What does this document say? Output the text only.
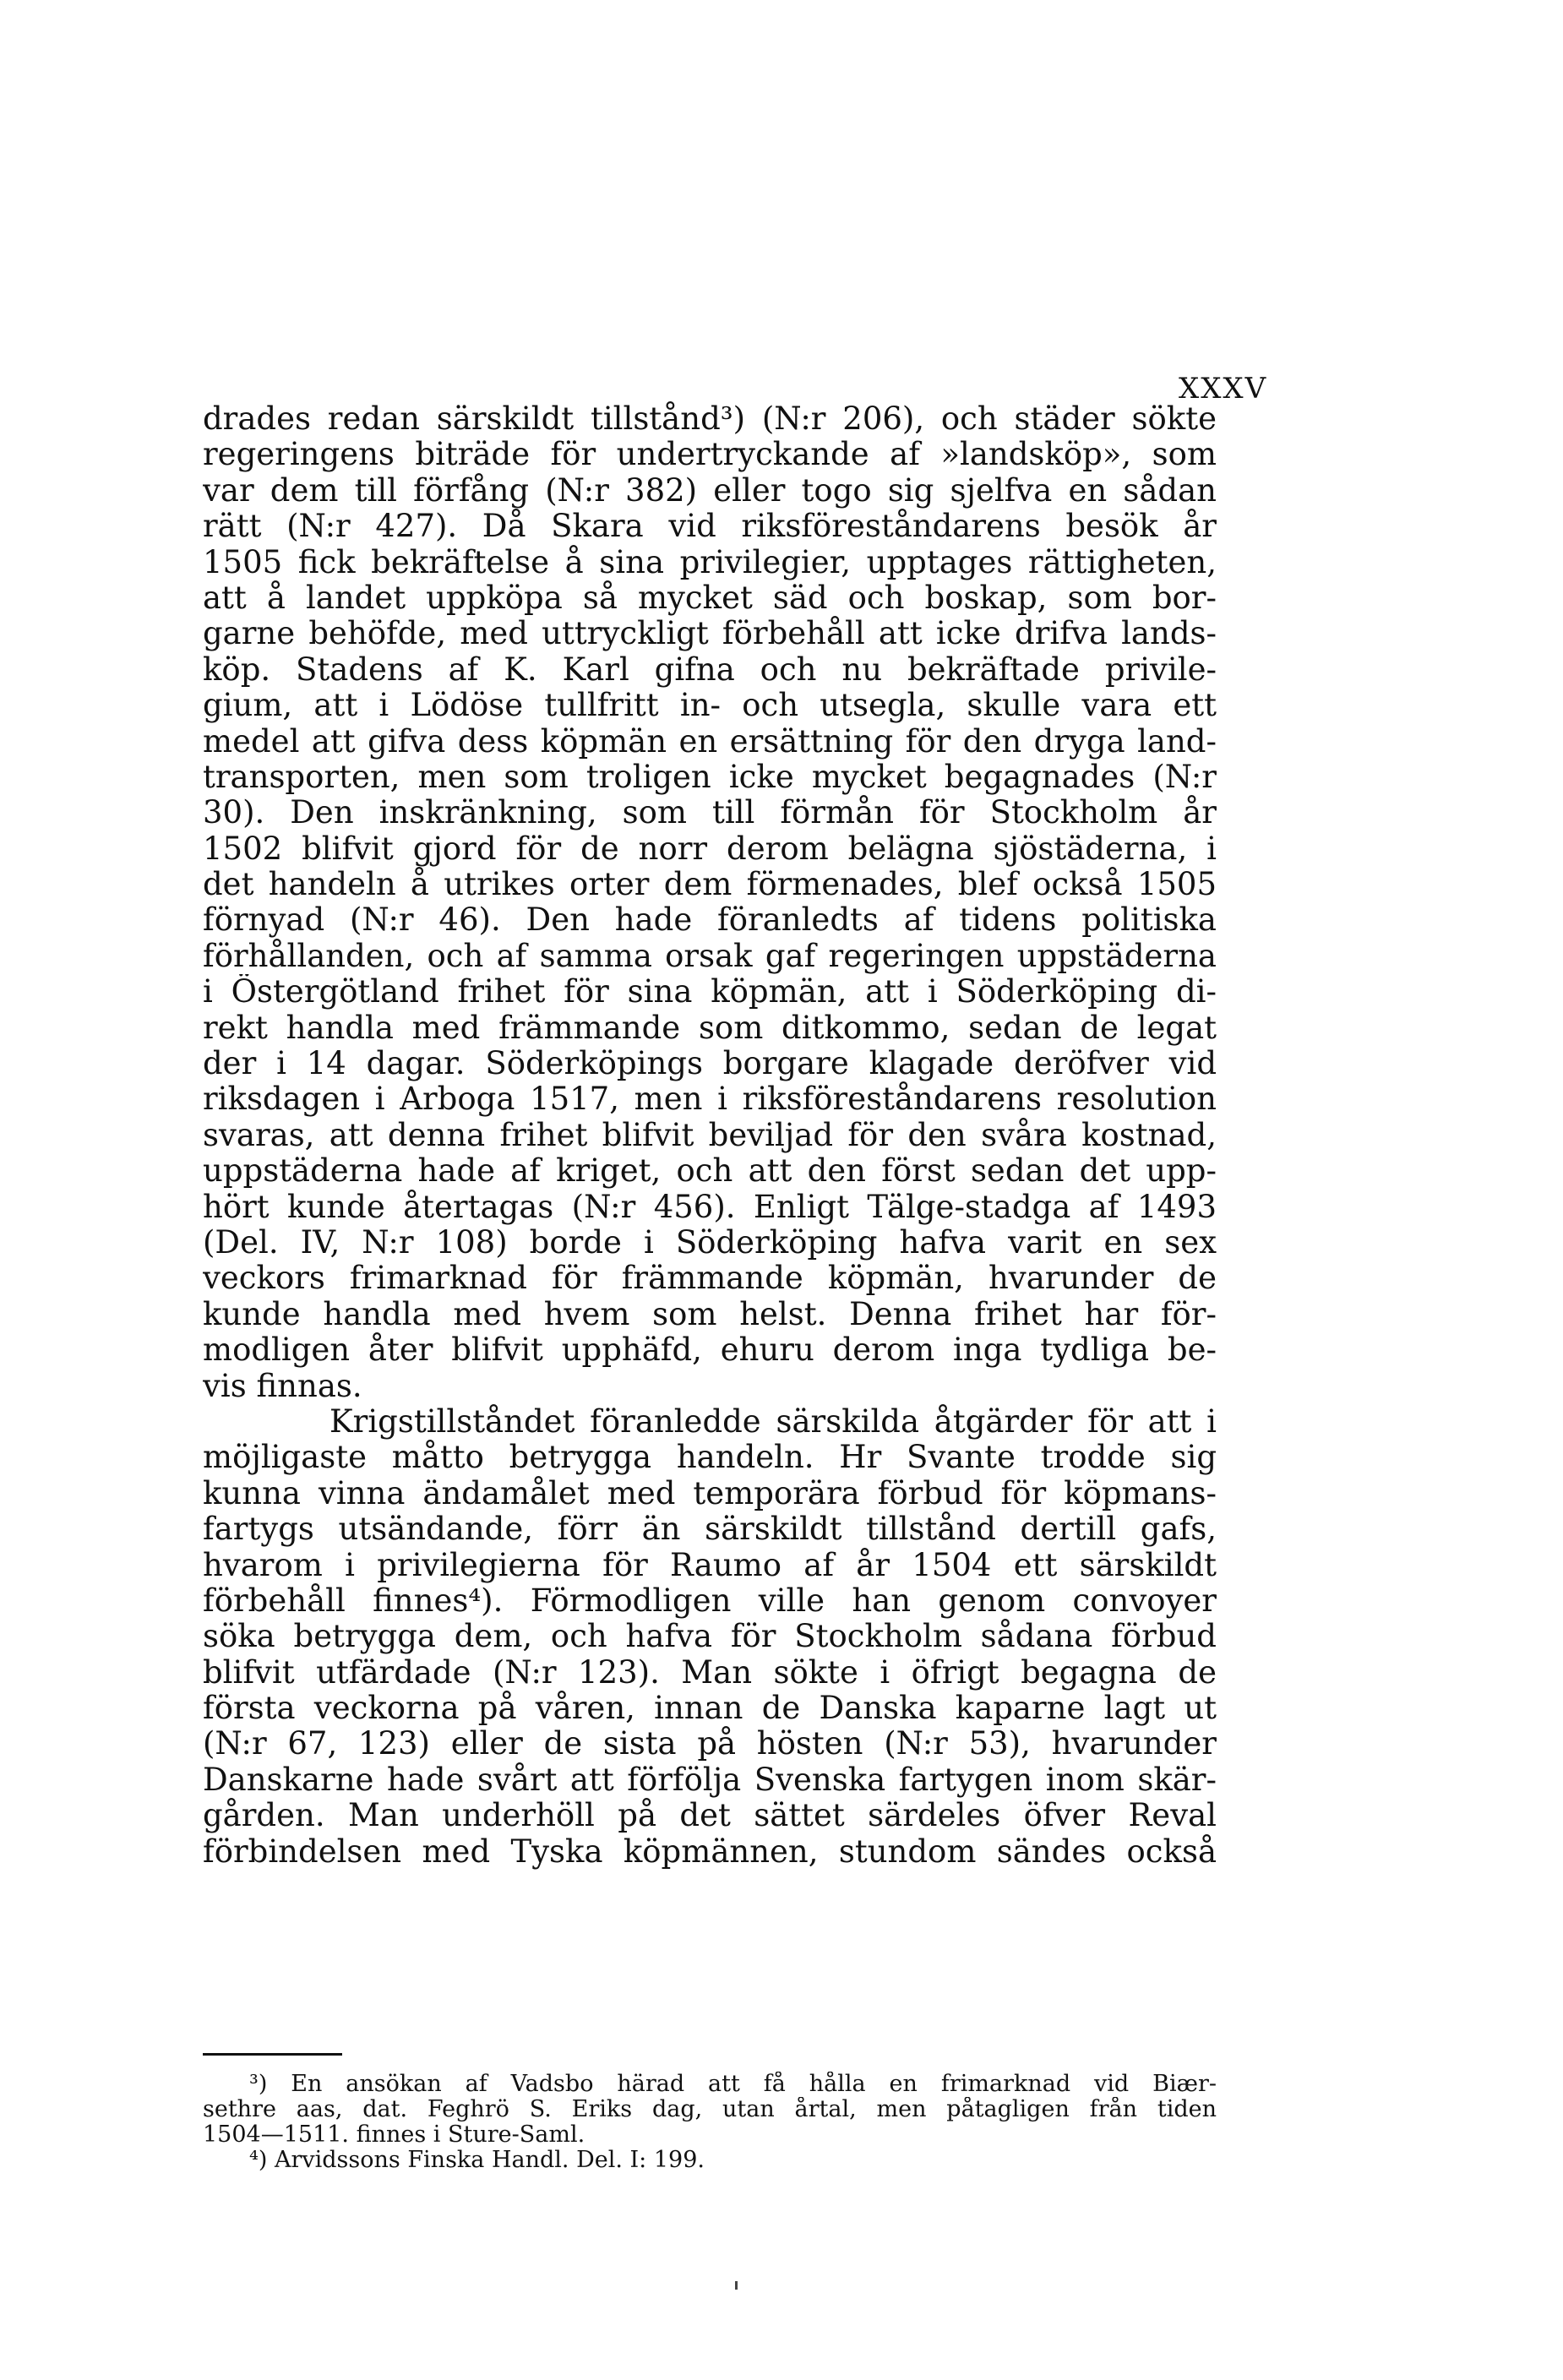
XXXV
drades redan särskildt tillstånd³) (N:r 206), och städer sökte
regeringens biträde för undertryckande af »landsköp», som
var dem till förfång (N:r 382) eller togo sig sjelfva en sådan
rätt (N:r 427). Då Skara vid riksföreståndarens besök år
1505 fick bekräftelse å sina privilegier, upptages rättigheten,
att å landet uppköpa så mycket säd och boskap, som bor-
garne behöfde, med uttryckligt förbehåll att icke drifva lands-
köp. Stadens af K. Karl gifna och nu bekräftade privile-
gium, att i Lödöse tullfritt in- och utsegla, skulle vara ett
medel att gifva dess köpmän en ersättning för den dryga land-
transporten, men som troligen icke mycket begagnades (N:r
30). Den inskränkning, som till förmån för Stockholm år
1502 blifvit gjord för de norr derom belägna sjöstäderna, i
det handeln å utrikes orter dem förmenades, blef också 1505
förnyad (N:r 46). Den hade föranledts af tidens politiska
förhållanden, och af samma orsak gaf regeringen uppstäderna
i Östergötland frihet för sina köpmän, att i Söderköping di-
rekt handla med främmande som ditkommo, sedan de legat
der i 14 dagar. Söderköpings borgare klagade deröfver vid
riksdagen i Arboga 1517, men i riksföreståndarens resolution
svaras, att denna frihet blifvit beviljad för den svåra kostnad,
uppstäderna hade af kriget, och att den först sedan det upp-
hört kunde återtagas (N:r 456). Enligt Tälge-stadga af 1493
(Del. IV, N:r 108) borde i Söderköping hafva varit en sex
veckors frimarknad för främmande köpmän, hvarunder de
kunde handla med hvem som helst. Denna frihet har för-
modligen åter blifvit upphäfd, ehuru derom inga tydliga be-
vis finnas.
Krigstillståndet föranledde särskilda åtgärder för att i
möjligaste måtto betrygga handeln. Hr Svante trodde sig
kunna vinna ändamålet med temporära förbud för köpmans-
fartygs utsändande, förr än särskildt tillstånd dertill gafs,
hvarom i privilegierna för Raumo af år 1504 ett särskildt
förbehåll finnes⁴). Förmodligen ville han genom convoyer
söka betrygga dem, och hafva för Stockholm sådana förbud
blifvit utfärdade (N:r 123). Man sökte i öfrigt begagna de
första veckorna på våren, innan de Danska kaparne lagt ut
(N:r 67, 123) eller de sista på hösten (N:r 53), hvarunder
Danskarne hade svårt att förfölja Svenska fartygen inom skär-
gården. Man underhöll på det sättet särdeles öfver Reval
förbindelsen med Tyska köpmännen, stundom sändes också
³) En ansökan af Vadsbo härad att få hålla en frimarknad vid Biær-
sethre aas, dat. Feghrö S. Eriks dag, utan årtal, men påtagligen från tiden
1504—1511. finnes i Sture-Saml.
⁴) Arvidssons Finska Handl. Del. I: 199.
